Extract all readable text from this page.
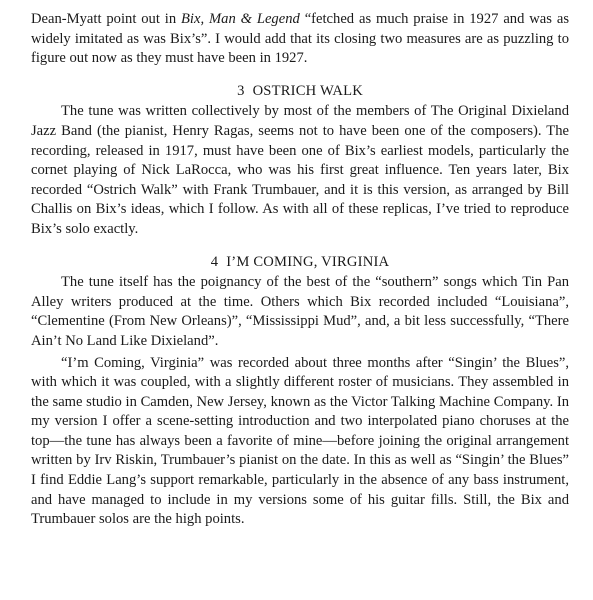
Dean-Myatt point out in Bix, Man & Legend “fetched as much praise in 1927 and was as widely imitated as was Bix’s”. I would add that its closing two measures are as puzzling to figure out now as they must have been in 1927.

3 OSTRICH WALK

The tune was written collectively by most of the members of The Original Dixieland Jazz Band (the pianist, Henry Ragas, seems not to have been one of the composers). The recording, released in 1917, must have been one of Bix’s earliest models, particularly the cornet playing of Nick LaRocca, who was his first great influence. Ten years later, Bix recorded “Ostrich Walk” with Frank Trumbauer, and it is this version, as arranged by Bill Challis on Bix’s ideas, which I follow. As with all of these replicas, I’ve tried to reproduce Bix’s solo exactly.

4 I’M COMING, VIRGINIA

The tune itself has the poignancy of the best of the “southern” songs which Tin Pan Alley writers produced at the time. Others which Bix recorded included “Louisiana”, “Clementine (From New Orleans)”, “Mississippi Mud”, and, a bit less successfully, “There Ain’t No Land Like Dixieland”.

“I’m Coming, Virginia” was recorded about three months after “Singin’ the Blues”, with which it was coupled, with a slightly different roster of musicians. They assembled in the same studio in Camden, New Jersey, known as the Victor Talking Machine Company. In my version I offer a scene-setting introduction and two interpolated piano choruses at the top—the tune has always been a favorite of mine—before joining the original arrangement written by Irv Riskin, Trumbauer’s pianist on the date. In this as well as “Singin’ the Blues” I find Eddie Lang’s support remarkable, particularly in the absence of any bass instrument, and have managed to include in my versions some of his guitar fills. Still, the Bix and Trumbauer solos are the high points.
